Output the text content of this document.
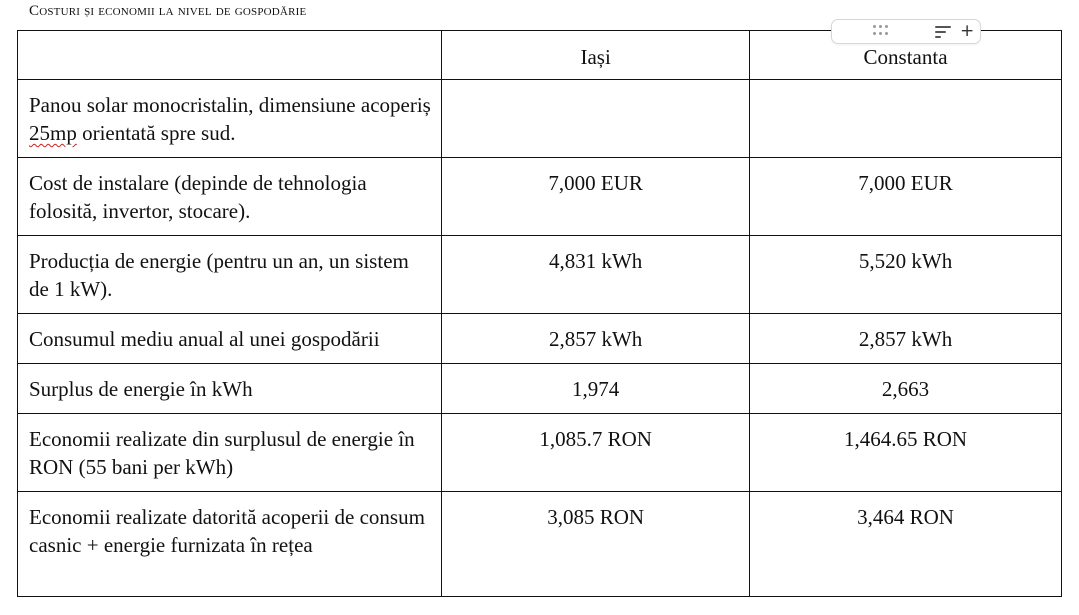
Costuri și economii la nivel de gospodărie

	Iași	Constanta

Panou solar monocristalin, dimensiune acoperiș 25mp orientată spre sud.		

Cost de instalare (depinde de tehnologia folosită, invertor, stocare).	7,000 EUR	7,000 EUR

Producția de energie (pentru un an, un sistem de 1 kW).	4,831 kWh	5,520 kWh

Consumul mediu anual al unei gospodării	2,857 kWh	2,857 kWh

Surplus de energie în kWh	1,974	2,663

Economii realizate din surplusul de energie în RON (55 bani per kWh)	1,085.7 RON	1,464.65 RON

Economii realizate datorită acoperii de consum casnic + energie furnizata în rețea	3,085 RON	3,464 RON
+
